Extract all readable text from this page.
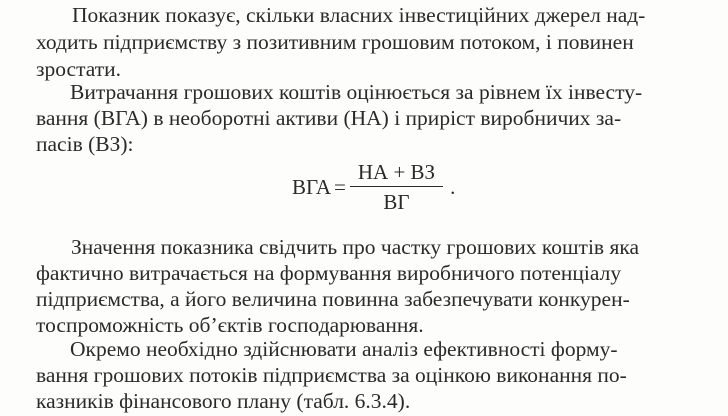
Показник показує, скільки власних інвестиційних джерел над-

ходить підприємству з позитивним грошовим потоком, і повинен

зростати.

Витрачання грошових коштів оцінюється за рівнем їх інвесту-

вання (ВГА) в необоротні активи (НА) і приріст виробничих за-

пасів (ВЗ):

ВГА = $\frac{НА + ВЗ}{ВГ}$ .

Значення показника свідчить про частку грошових коштів яка

фактично витрачається на формування виробничого потенціалу

підприємства, а його величина повинна забезпечувати конкурен-

тоспроможність об’єктів господарювання.

Окремо необхідно здійснювати аналіз ефективності форму-

вання грошових потоків підприємства за оцінкою виконання по-

казників фінансового плану (табл. 6.3.4).
